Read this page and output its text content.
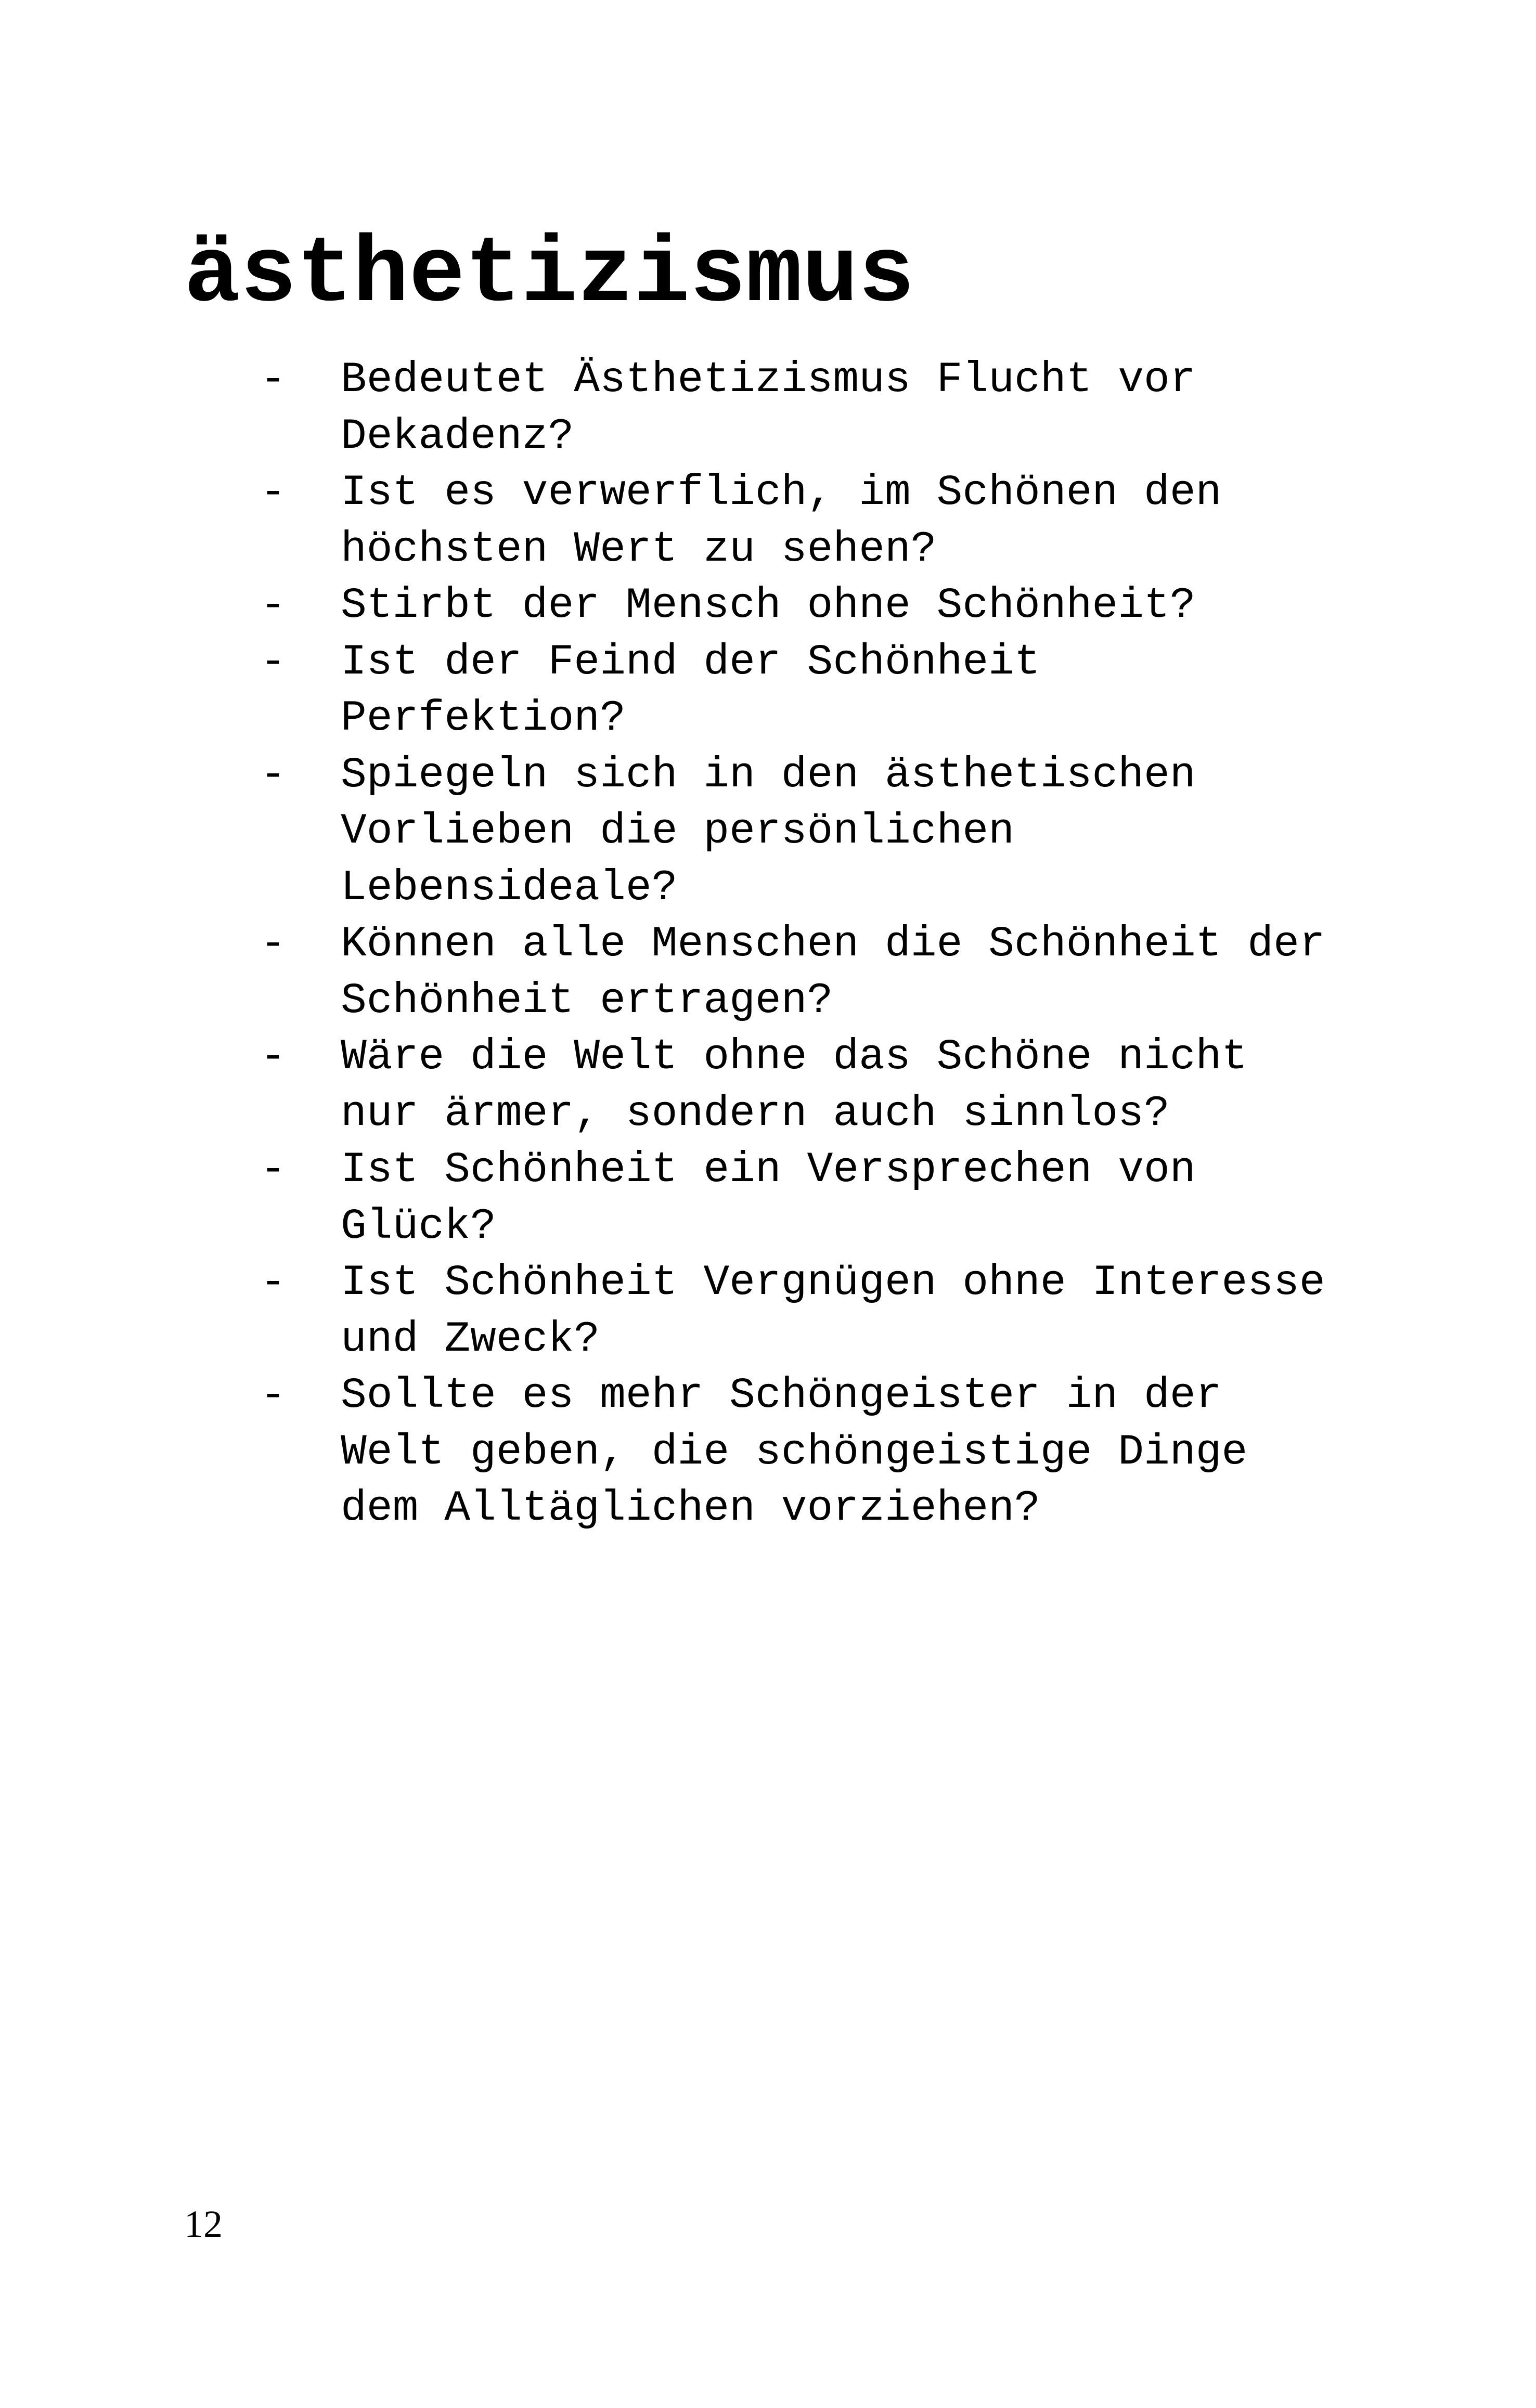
ästhetizismus
- Bedeutet Ästhetizismus Flucht vor
Dekadenz?
- Ist es verwerflich, im Schönen den
höchsten Wert zu sehen?
- Stirbt der Mensch ohne Schönheit?
- Ist der Feind der Schönheit
Perfektion?
- Spiegeln sich in den ästhetischen
Vorlieben die persönlichen
Lebensideale?
- Können alle Menschen die Schönheit der
Schönheit ertragen?
- Wäre die Welt ohne das Schöne nicht
nur ärmer, sondern auch sinnlos?
- Ist Schönheit ein Versprechen von
Glück?
- Ist Schönheit Vergnügen ohne Interesse
und Zweck?
- Sollte es mehr Schöngeister in der
Welt geben, die schöngeistige Dinge
dem Alltäglichen vorziehen?
12
